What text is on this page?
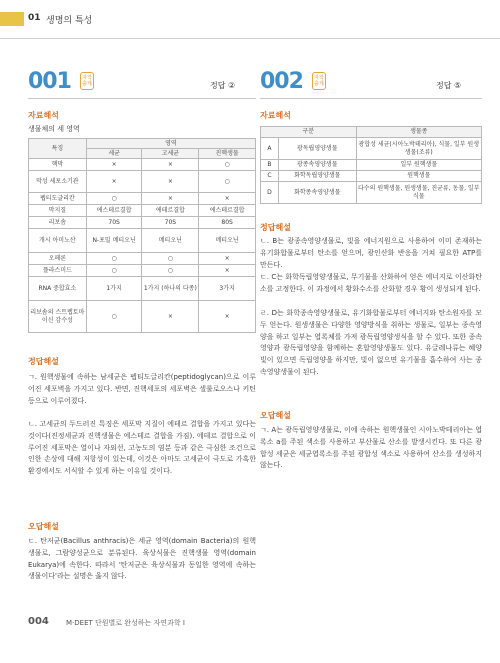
01 생명의 특성
001	자작
출제	정답 ② 002	자작
출제	정답 ⑤
자료해석
생물체의 세 영역
특징	영역		
	세균	고세균	진핵생물
핵막	×	×	○
막성 세포소기관	×	×	○
펩티도글리칸	○	×	×
막지질	에스테르결합	에테르결합	에스테르결합
리보솜	70S	70S	80S
개시 아미노산	N-포밀 메티오닌	메티오닌	메티오닌
오페론	○	○	×
플라스미드	○	○	×
RNA 중합효소	1가지	1가지 (하나의 다종)	3가지
리보솜의 스트렙토마이신 감수성	○	×	×
정답해설
ㄱ. 원핵생물에 속하는 남세균은 펩티도글리칸(peptidoglycan)으로 이루어진 세포벽을 가지고 있다. 반면, 진핵세포의 세포벽은 셀룰로오스나 키틴 등으로 이루어졌다.
ㄴ. 고세균의 두드러진 특징은 세포막 지질이 에테르 결합을 가지고 있다는 것이다(진정세균과 진핵생물은 에스테르 결합을 가짐). 에테르 결합으로 이루어진 세포막은 열이나 자외선, 고농도의 염분 등과 같은 극심한 조건으로 인한 손상에 대해 저항성이 있는데, 이것은 아마도 고세균이 극도로 가혹한 환경에서도 서식할 수 있게 하는 이유일 것이다.
오답해설
ㄷ. 탄저균(Bacillus anthracis)은 세균 영역(domain Bacteria)의 원핵생물로, 그람양성균으로 분류된다. 육상식물은 진핵생물 영역(domain Eukarya)에 속한다. 따라서 '탄저균은 육상식물과 동일한 영역에 속하는 생물이다'라는 설명은 옳지 않다.
자료해석
구분		생물종
A	광독립영양생물	광합성 세균(시아노박테리아), 식물, 일부 원생생물(조류)
B	광종속영양생물	일부 원핵생물
C	화학독립영양생물	원핵생물
D	화학종속영양생물	다수의 원핵생물, 원생생물, 진균류, 동물, 일부 식물
정답해설
ㄴ. B는 광종속영양생물로, 빛을 에너지원으로 사용하여 이미 존재하는 유기화합물로부터 탄소를 얻으며, 광인산화 반응을 거쳐 필요한 ATP를 만든다.
ㄷ. C는 화학독립영양생물로, 무기물을 산화하여 얻은 에너지로 이산화탄소를 고정한다. 이 과정에서 황화수소를 산화할 경우 황이 생성되게 된다.
ㄹ. D는 화학종속영양생물로, 유기화합물로부터 에너지와 탄소원자를 모두 얻는다. 원생생물은 다양한 영양방식을 취하는 생물로, 일부는 종속영양을 하고 일부는 엽록체를 가져 광독립영양생식을 할 수 있다. 또한 종속영양과 광독립영양을 함께하는 혼합영양생물도 있다. 유글레나류는 혜양빛이 있으면 독립영양을 하지만, 빛이 없으면 유기물을 흡수하여 사는 종속영양생물이 된다.
오답해설
ㄱ. A는 광독립영양생물로, 이에 속하는 원핵생물인 시아노박테리아는 엽록소 a를 주된 색소를 사용하고 부산물로 산소를 발생시킨다. 또 다른 광합성 세균은 세균엽록소를 주된 광합성 색소로 사용하여 산소를 생성하지 않는다.
004 M·DEET 단원별로 완성하는 자연과학 Ⅰ
